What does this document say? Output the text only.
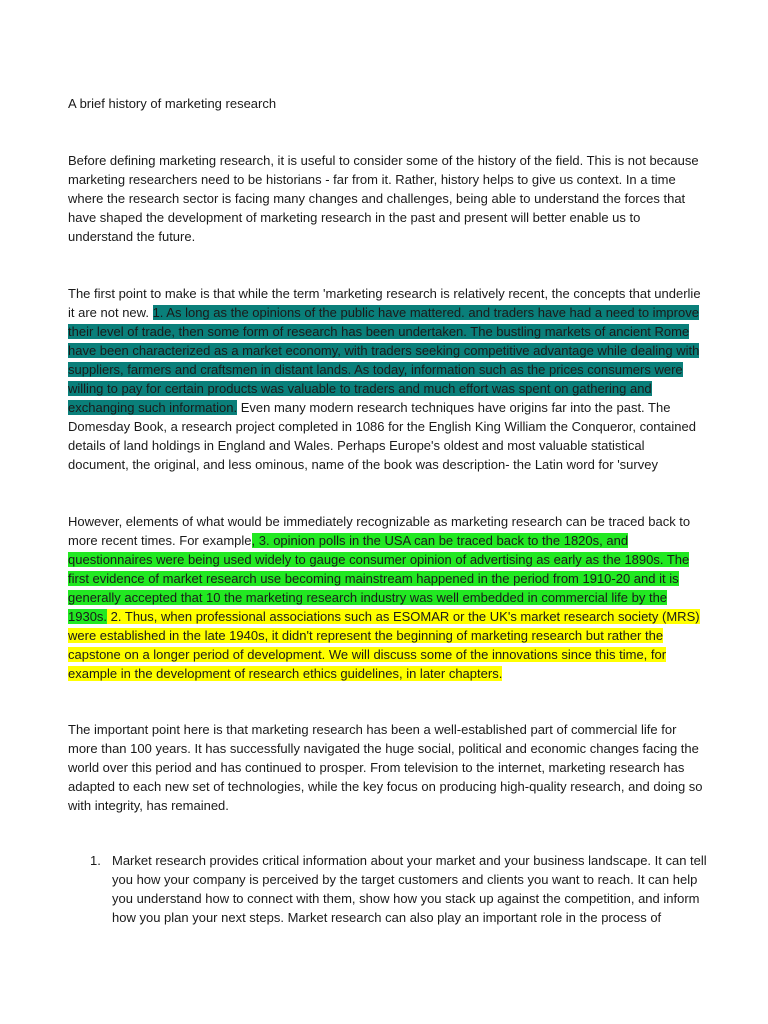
A brief history of marketing research
Before defining marketing research, it is useful to consider some of the history of the field. This is not because marketing researchers need to be historians - far from it. Rather, history helps to give us context. In a time where the research sector is facing many changes and challenges, being able to understand the forces that have shaped the development of marketing research in the past and present will better enable us to understand the future.
The first point to make is that while the term 'marketing research is relatively recent, the concepts that underlie it are not new. 1. As long as the opinions of the public have mattered. and traders have had a need to improve their level of trade, then some form of research has been undertaken. The bustling markets of ancient Rome have been characterized as a market economy, with traders seeking competitive advantage while dealing with suppliers, farmers and craftsmen in distant lands. As today, information such as the prices consumers were willing to pay for certain products was valuable to traders and much effort was spent on gathering and exchanging such information. Even many modern research techniques have origins far into the past. The Domesday Book, a research project completed in 1086 for the English King William the Conqueror, contained details of land holdings in England and Wales. Perhaps Europe's oldest and most valuable statistical document, the original, and less ominous, name of the book was description- the Latin word for 'survey
However, elements of what would be immediately recognizable as marketing research can be traced back to more recent times. For example, 3. opinion polls in the USA can be traced back to the 1820s, and questionnaires were being used widely to gauge consumer opinion of advertising as early as the 1890s. The first evidence of market research use becoming mainstream happened in the period from 1910-20 and it is generally accepted that 10 the marketing research industry was well embedded in commercial life by the 1930s. 2. Thus, when professional associations such as ESOMAR or the UK's market research society (MRS) were established in the late 1940s, it didn't represent the beginning of marketing research but rather the capstone on a longer period of development. We will discuss some of the innovations since this time, for example in the development of research ethics guidelines, in later chapters.
The important point here is that marketing research has been a well-established part of commercial life for more than 100 years. It has successfully navigated the huge social, political and economic changes facing the world over this period and has continued to prosper. From television to the internet, marketing research has adapted to each new set of technologies, while the key focus on producing high-quality research, and doing so with integrity, has remained.
1. Market research provides critical information about your market and your business landscape. It can tell you how your company is perceived by the target customers and clients you want to reach. It can help you understand how to connect with them, show how you stack up against the competition, and inform how you plan your next steps. Market research can also play an important role in the process of
